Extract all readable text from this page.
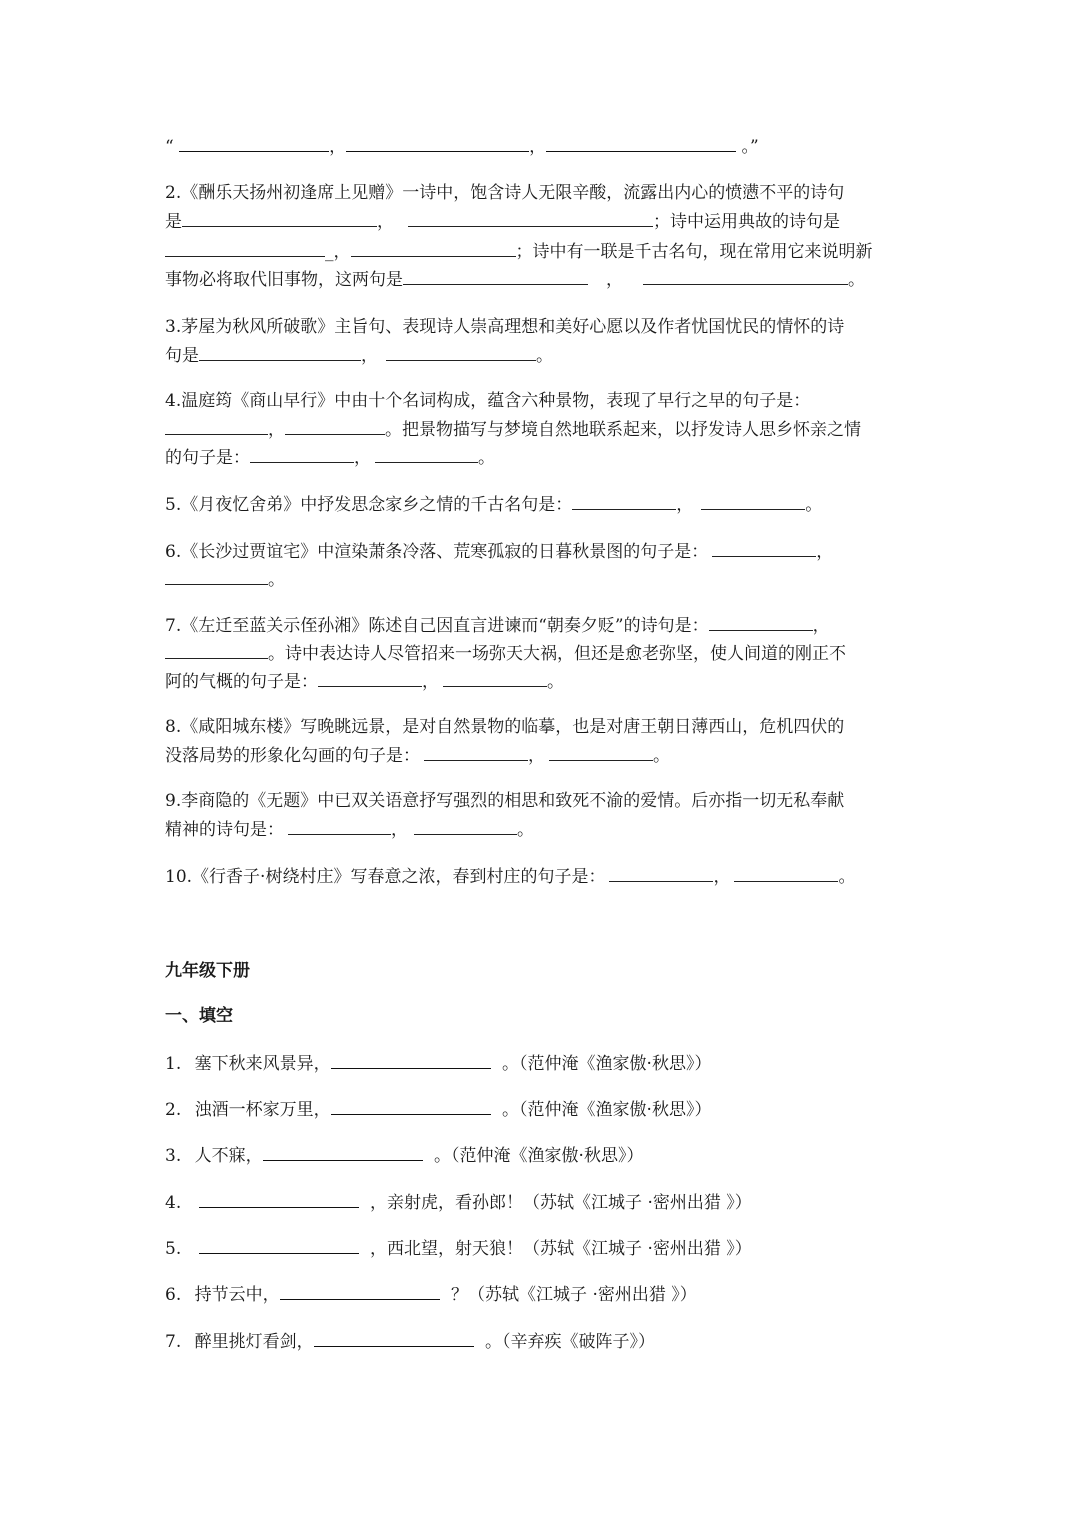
“	，	，	。”
2.《酬乐天扬州初逢席上见赠》一诗中，饱含诗人无限辛酸，流露出内心的愤懑不平的诗句
是	，	；诗中运用典故的诗句是
_，	；诗中有一联是千古名句，现在常用它来说明新
事物必将取代旧事物，这两句是	，	。
3.茅屋为秋风所破歌》主旨句、表现诗人崇高理想和美好心愿以及作者忧国忧民的情怀的诗
句是	，	。
4.温庭筠《商山早行》中由十个名词构成，蕴含六种景物，表现了早行之早的句子是：
，	。把景物描写与梦境自然地联系起来，以抒发诗人思乡怀亲之情
的句子是：	，	。
5.《月夜忆舍弟》中抒发思念家乡之情的千古名句是：	，	。
6.《长沙过贾谊宅》中渲染萧条冷落、荒寒孤寂的日暮秋景图的句子是：	，
。
7.《左迁至蓝关示侄孙湘》陈述自己因直言进谏而“朝奏夕贬”的诗句是：	，
。诗中表达诗人尽管招来一场弥天大祸，但还是愈老弥坚，使人间道的刚正不
阿的气概的句子是：	，	。
8.《咸阳城东楼》写晚眺远景，是对自然景物的临摹，也是对唐王朝日薄西山，危机四伏的
没落局势的形象化勾画的句子是：	，	。
9.李商隐的《无题》中已双关语意抒写强烈的相思和致死不渝的爱情。后亦指一切无私奉献
精神的诗句是：	，	。
10.《行香子·树绕村庄》写春意之浓，春到村庄的句子是：	，	。
九年级下册
一、填空
1. 塞下秋来风景异，	。（范仲淹《渔家傲·秋思》）
2. 浊酒一杯家万里，	。（范仲淹《渔家傲·秋思》）
3. 人不寐，	。（范仲淹《渔家傲·秋思》）
4.	，亲射虎，看孙郎！（苏轼《江城子 ·密州出猎 》）
5.	，西北望，射天狼！（苏轼《江城子 ·密州出猎 》）
6. 持节云中，	？（苏轼《江城子 ·密州出猎 》）
7. 醉里挑灯看剑，	。（辛弃疾《破阵子》）
